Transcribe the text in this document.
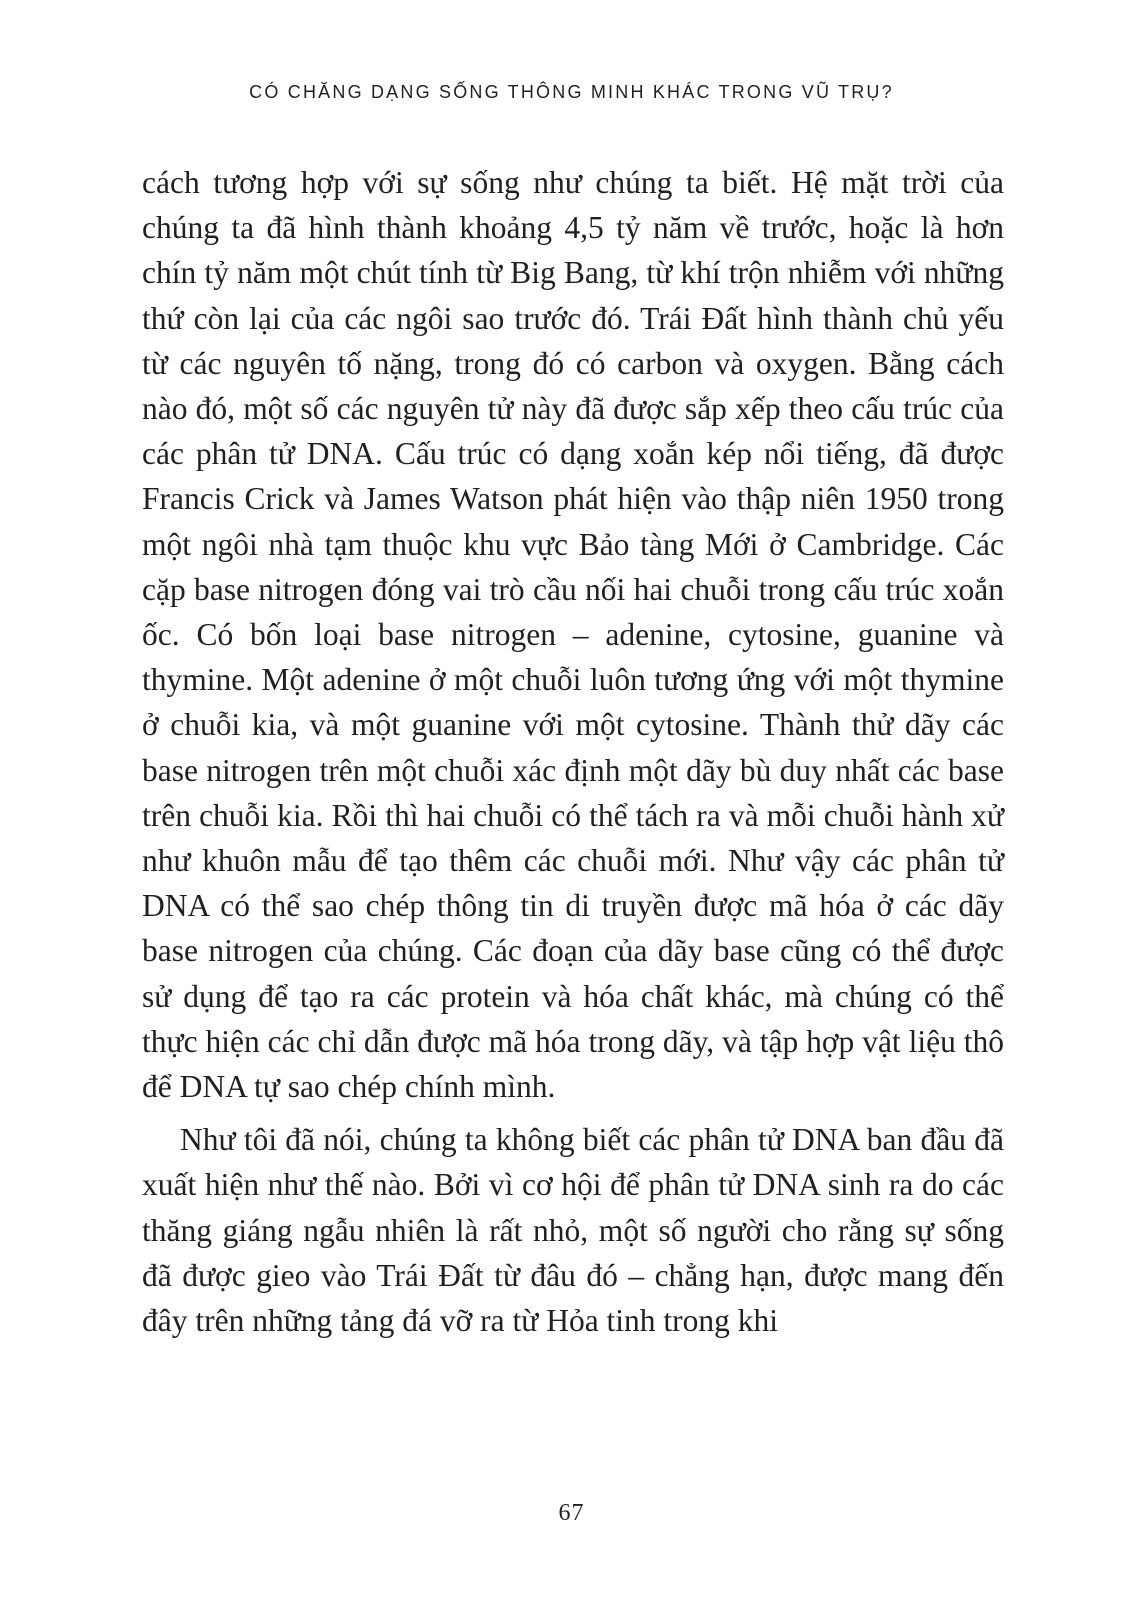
CÓ CHĂNG DẠNG SỐNG THÔNG MINH KHÁC TRONG VŨ TRỤ?

cách tương hợp với sự sống như chúng ta biết. Hệ mặt trời của chúng ta đã hình thành khoảng 4,5 tỷ năm về trước, hoặc là hơn chín tỷ năm một chút tính từ Big Bang, từ khí trộn nhiễm với những thứ còn lại của các ngôi sao trước đó. Trái Đất hình thành chủ yếu từ các nguyên tố nặng, trong đó có carbon và oxygen. Bằng cách nào đó, một số các nguyên tử này đã được sắp xếp theo cấu trúc của các phân tử DNA. Cấu trúc có dạng xoắn kép nổi tiếng, đã được Francis Crick và James Watson phát hiện vào thập niên 1950 trong một ngôi nhà tạm thuộc khu vực Bảo tàng Mới ở Cambridge. Các cặp base nitrogen đóng vai trò cầu nối hai chuỗi trong cấu trúc xoắn ốc. Có bốn loại base nitrogen – adenine, cytosine, guanine và thymine. Một adenine ở một chuỗi luôn tương ứng với một thymine ở chuỗi kia, và một guanine với một cytosine. Thành thử dãy các base nitrogen trên một chuỗi xác định một dãy bù duy nhất các base trên chuỗi kia. Rồi thì hai chuỗi có thể tách ra và mỗi chuỗi hành xử như khuôn mẫu để tạo thêm các chuỗi mới. Như vậy các phân tử DNA có thể sao chép thông tin di truyền được mã hóa ở các dãy base nitrogen của chúng. Các đoạn của dãy base cũng có thể được sử dụng để tạo ra các protein và hóa chất khác, mà chúng có thể thực hiện các chỉ dẫn được mã hóa trong dãy, và tập hợp vật liệu thô để DNA tự sao chép chính mình.

Như tôi đã nói, chúng ta không biết các phân tử DNA ban đầu đã xuất hiện như thế nào. Bởi vì cơ hội để phân tử DNA sinh ra do các thăng giáng ngẫu nhiên là rất nhỏ, một số người cho rằng sự sống đã được gieo vào Trái Đất từ đâu đó – chẳng hạn, được mang đến đây trên những tảng đá vỡ ra từ Hỏa tinh trong khi

67
